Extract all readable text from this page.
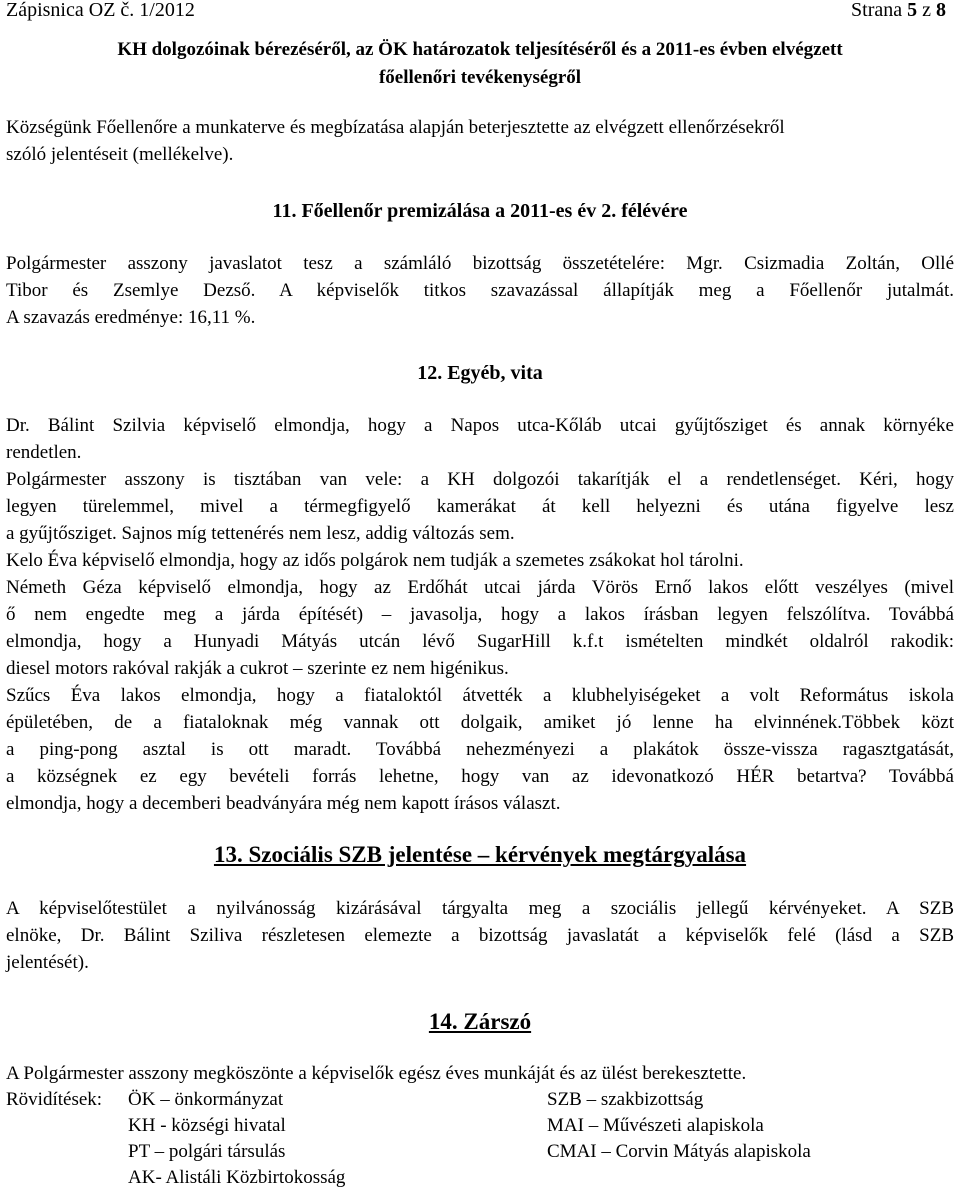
Zápisnica OZ č. 1/2012	Strana 5 z 8
KH dolgozóinak bérezéséről, az ÖK határozatok teljesítéséről és a 2011-es évben elvégzett
főellenőri tevékenységről
Községünk Főellenőre a munkaterve és megbízatása alapján beterjesztette az elvégzett ellenőrzésekről
szóló jelentéseit (mellékelve).
11. Főellenőr premizálása a 2011-es év 2. félévére
Polgármester asszony javaslatot tesz a számláló bizottság összetételére: Mgr. Csizmadia Zoltán, Ollé
Tibor és Zsemlye Dezső. A képviselők titkos szavazással állapítják meg a Főellenőr jutalmát.
A szavazás eredménye: 16,11 %.
12. Egyéb, vita
Dr. Bálint Szilvia képviselő elmondja, hogy a Napos utca-Kőláb utcai gyűjtősziget és annak környéke
rendetlen.
Polgármester asszony is tisztában van vele: a KH dolgozói takarítják el a rendetlenséget. Kéri, hogy
legyen türelemmel, mivel a térmegfigyelő kamerákat át kell helyezni és utána figyelve lesz
a gyűjtősziget. Sajnos míg tettenérés nem lesz, addig változás sem.
Kelo Éva képviselő elmondja, hogy az idős polgárok nem tudják a szemetes zsákokat hol tárolni.
Németh Géza képviselő elmondja, hogy az Erdőhát utcai járda Vörös Ernő lakos előtt veszélyes (mivel
ő nem engedte meg a járda építését) – javasolja, hogy a lakos írásban legyen felszólítva. Továbbá
elmondja, hogy a Hunyadi Mátyás utcán lévő SugarHill k.f.t ismételten mindkét oldalról rakodik:
diesel motors rakóval rakják a cukrot – szerinte ez nem higénikus.
Szűcs Éva lakos elmondja, hogy a fiataloktól átvették a klubhelyiségeket a volt Református iskola
épületében, de a fiataloknak még vannak ott dolgaik, amiket jó lenne ha elvinnének.Többek közt
a ping-pong asztal is ott maradt. Továbbá nehezményezi a plakátok össze-vissza ragasztgatását,
a községnek ez egy bevételi forrás lehetne, hogy van az idevonatkozó HÉR betartva? Továbbá
elmondja, hogy a decemberi beadványára még nem kapott írásos választ.
13. Szociális SZB jelentése – kérvények megtárgyalása
A képviselőtestület a nyilvánosság kizárásával tárgyalta meg a szociális jellegű kérvényeket. A SZB
elnöke, Dr. Bálint Sziliva részletesen elemezte a bizottság javaslatát a képviselők felé (lásd a SZB
jelentését).
14. Zárszó
A Polgármester asszony megköszönte a képviselők egész éves munkáját és az ülést berekesztette.
Rövidítések: ÖK – önkormányzat
KH - községi hivatal
PT – polgári társulás
AK- Alistáli Közbirtokosság
SZB – szakbizottság
MAI – Művészeti alapiskola
CMAI – Corvin Mátyás alapiskola
